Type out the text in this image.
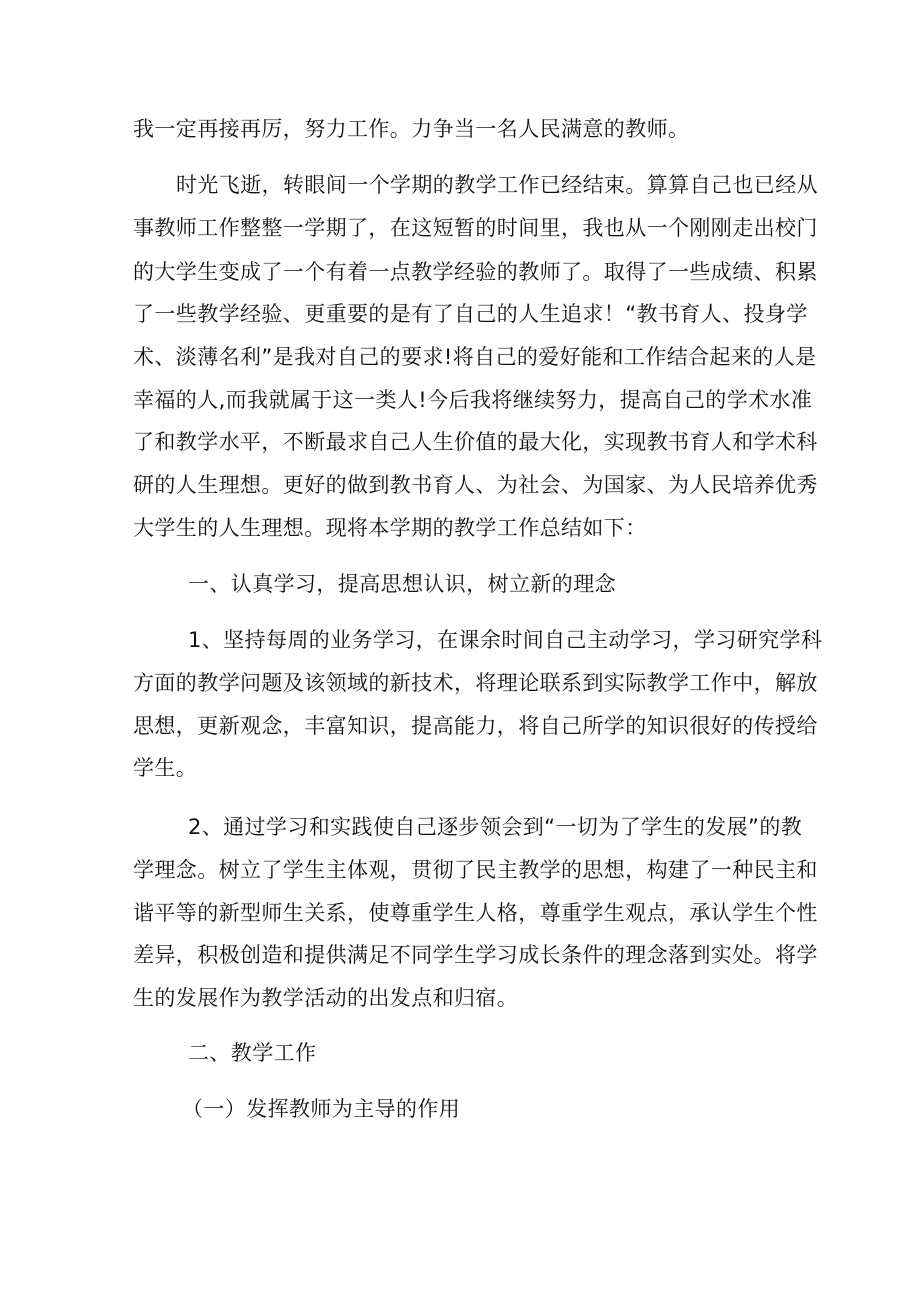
我一定再接再厉，努力工作。力争当一名人民满意的教师。

时光飞逝，转眼间一个学期的教学工作已经结束。算算自己也已经从

事教师工作整整一学期了，在这短暂的时间里，我也从一个刚刚走出校门

的大学生变成了一个有着一点教学经验的教师了。取得了一些成绩、积累

了一些教学经验、更重要的是有了自己的人生追求！“教书育人、投身学

术、淡薄名利”是我对自己的要求!将自己的爱好能和工作结合起来的人是

幸福的人,而我就属于这一类人!今后我将继续努力，提高自己的学术水准

了和教学水平，不断最求自己人生价值的最大化，实现教书育人和学术科

研的人生理想。更好的做到教书育人、为社会、为国家、为人民培养优秀

大学生的人生理想。现将本学期的教学工作总结如下：

一、认真学习，提高思想认识，树立新的理念

1、坚持每周的业务学习，在课余时间自己主动学习，学习研究学科

方面的教学问题及该领域的新技术，将理论联系到实际教学工作中，解放

思想，更新观念，丰富知识，提高能力，将自己所学的知识很好的传授给

学生。

2、通过学习和实践使自己逐步领会到“一切为了学生的发展”的教

学理念。树立了学生主体观，贯彻了民主教学的思想，构建了一种民主和

谐平等的新型师生关系，使尊重学生人格，尊重学生观点，承认学生个性

差异，积极创造和提供满足不同学生学习成长条件的理念落到实处。将学

生的发展作为教学活动的出发点和归宿。

二、教学工作

（一）发挥教师为主导的作用
